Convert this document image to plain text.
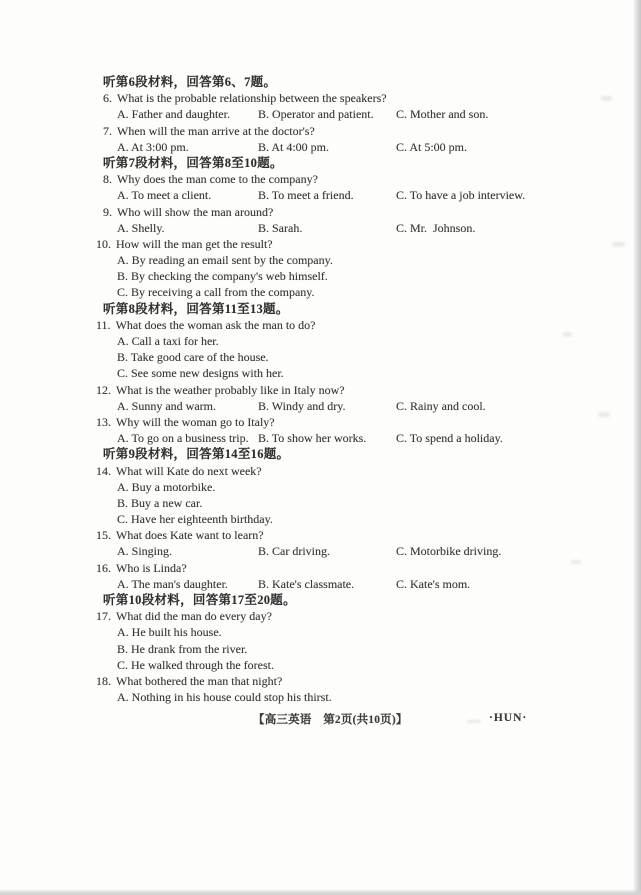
听第6段材料，回答第6、7题。
6. What is the probable relationship between the speakers?
A. Father and daughter. B. Operator and patient. C. Mother and son.
7. When will the man arrive at the doctor's?
A. At 3:00 pm.	B. At 4:00 pm.	C. At 5:00 pm.
听第7段材料，回答第8至10题。
8. Why does the man come to the company?
A. To meet a client.	B. To meet a friend.	C. To have a job interview.
9. Who will show the man around?
A. Shelly.	B. Sarah.	C. Mr.  Johnson.
10. How will the man get the result?
A. By reading an email sent by the company.
B. By checking the company's web himself.
C. By receiving a call from the company.
听第8段材料，回答第11至13题。
11. What does the woman ask the man to do?
A. Call a taxi for her.
B. Take good care of the house.
C. See some new designs with her.
12. What is the weather probably like in Italy now?
A. Sunny and warm.	B. Windy and dry.	C. Rainy and cool.
13. Why will the woman go to Italy?
A. To go on a business trip. B. To show her works. C. To spend a holiday.
听第9段材料，回答第14至16题。
14. What will Kate do next week?
A. Buy a motorbike.
B. Buy a new car.
C. Have her eighteenth birthday.
15. What does Kate want to learn?
A. Singing.	B. Car driving.	C. Motorbike driving.
16. Who is Linda?
A. The man's daughter.	B. Kate's classmate.	C. Kate's mom.
听第10段材料，回答第17至20题。
17. What did the man do every day?
A. He built his house.
B. He drank from the river.
C. He walked through the forest.
18. What bothered the man that night?
A. Nothing in his house could stop his thirst.
【高三英语　第2页(共10页)】	·HUN·
